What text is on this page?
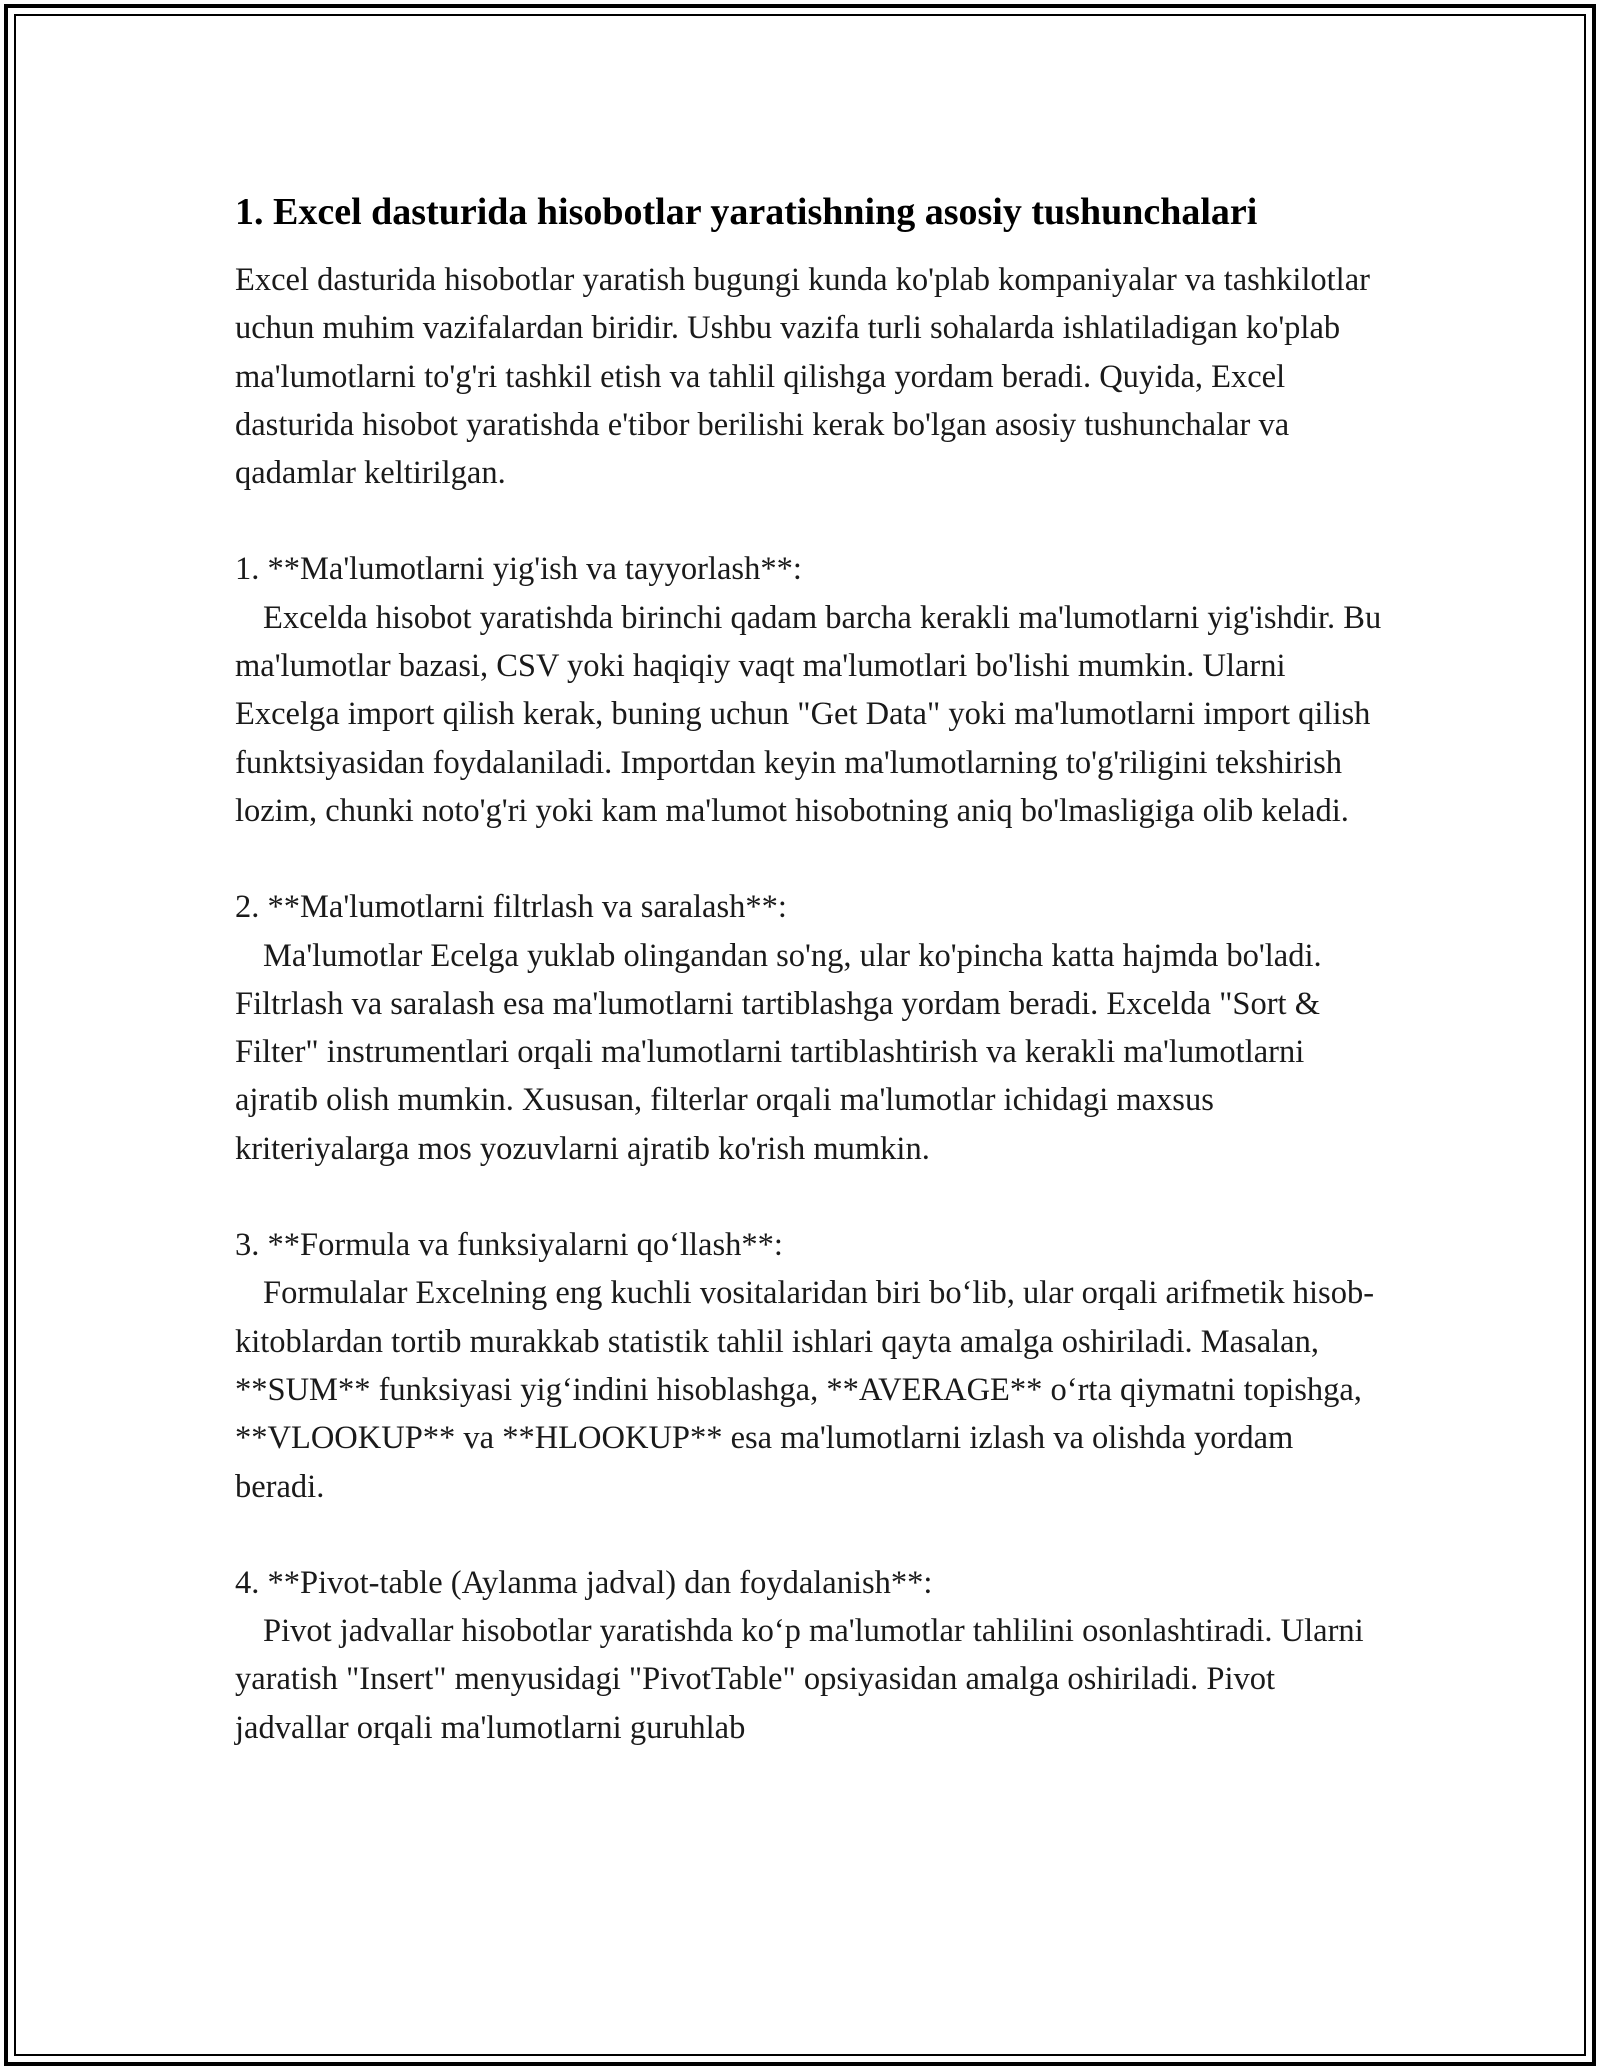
1. Excel dasturida hisobotlar yaratishning asosiy tushunchalari

Excel dasturida hisobotlar yaratish bugungi kunda ko'plab kompaniyalar va tashkilotlar uchun muhim vazifalardan biridir. Ushbu vazifa turli sohalarda ishlatiladigan ko'plab ma'lumotlarni to'g'ri tashkil etish va tahlil qilishga yordam beradi. Quyida, Excel dasturida hisobot yaratishda e'tibor berilishi kerak bo'lgan asosiy tushunchalar va qadamlar keltirilgan.

1. **Ma'lumotlarni yig'ish va tayyorlash**:
Excelda hisobot yaratishda birinchi qadam barcha kerakli ma'lumotlarni yig'ishdir. Bu ma'lumotlar bazasi, CSV yoki haqiqiy vaqt ma'lumotlari bo'lishi mumkin. Ularni Excelga import qilish kerak, buning uchun "Get Data" yoki ma'lumotlarni import qilish funktsiyasidan foydalaniladi. Importdan keyin ma'lumotlarning to'g'riligini tekshirish lozim, chunki noto'g'ri yoki kam ma'lumot hisobotning aniq bo'lmasligiga olib keladi.
2. **Ma'lumotlarni filtrlash va saralash**:
Ma'lumotlar Ecelga yuklab olingandan so'ng, ular ko'pincha katta hajmda bo'ladi. Filtrlash va saralash esa ma'lumotlarni tartiblashga yordam beradi. Excelda "Sort & Filter" instrumentlari orqali ma'lumotlarni tartiblashtirish va kerakli ma'lumotlarni ajratib olish mumkin. Xususan, filterlar orqali ma'lumotlar ichidagi maxsus kriteriyalarga mos yozuvlarni ajratib ko'rish mumkin.
3. **Formula va funksiyalarni qo‘llash**:
Formulalar Excelning eng kuchli vositalaridan biri bo‘lib, ular orqali arifmetik hisob-kitoblardan tortib murakkab statistik tahlil ishlari qayta amalga oshiriladi. Masalan, **SUM** funksiyasi yig‘indini hisoblashga, **AVERAGE** o‘rta qiymatni topishga, **VLOOKUP** va **HLOOKUP** esa ma'lumotlarni izlash va olishda yordam beradi.
4. **Pivot-table (Aylanma jadval) dan foydalanish**:
Pivot jadvallar hisobotlar yaratishda ko‘p ma'lumotlar tahlilini osonlashtiradi. Ularni yaratish "Insert" menyusidagi "PivotTable" opsiyasidan amalga oshiriladi. Pivot jadvallar orqali ma'lumotlarni guruhlab
